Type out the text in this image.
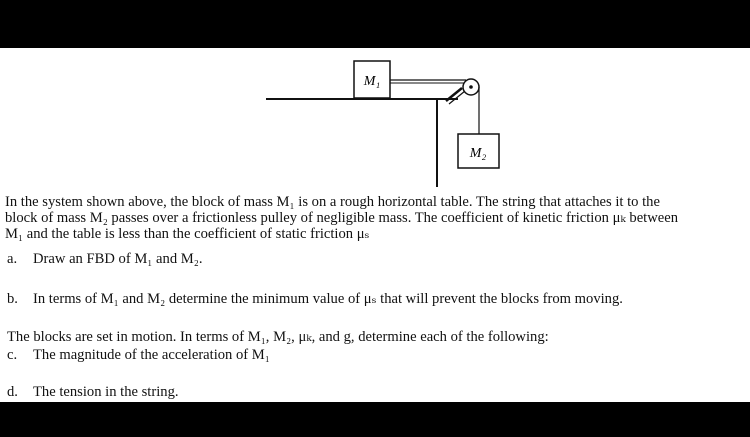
M₁
M₂
In the system shown above, the block of mass M₁ is on a rough horizontal table. The string that attaches it to the
block of mass M₂ passes over a frictionless pulley of negligible mass. The coefficient of kinetic friction μₖ between
M₁ and the table is less than the coefficient of static friction μₛ
a. Draw an FBD of M₁ and M₂.
b. In terms of M₁ and M₂ determine the minimum value of μₛ that will prevent the blocks from moving.
The blocks are set in motion. In terms of M₁, M₂, μₖ, and g, determine each of the following:
c. The magnitude of the acceleration of M₁
d. The tension in the string.
